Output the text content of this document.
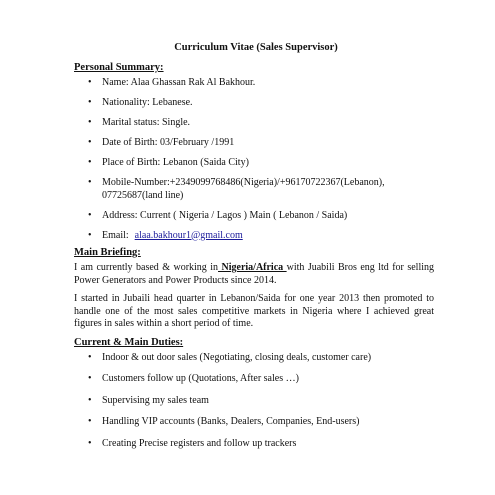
Curriculum Vitae (Sales Supervisor)
Personal Summary:
• Name: Alaa Ghassan Rak Al Bakhour.
• Nationality: Lebanese.
• Marital status: Single.
• Date of Birth: 03/February /1991
• Place of Birth: Lebanon (Saida City)
• Mobile-Number:+2349099768486(Nigeria)/+96170722367(Lebanon), 07725687(land line)
• Address: Current ( Nigeria / Lagos ) Main ( Lebanon / Saida)
• Email: alaa.bakhour1@gmail.com
Main Briefing:

I am currently based & working in Nigeria/Africa with Juabili Bros eng ltd for selling Power Generators and Power Products since 2014.

I started in Jubaili head quarter in Lebanon/Saida for one year 2013 then promoted to handle one of the most sales competitive markets in Nigeria where I achieved great figures in sales within a short period of time.

Current & Main Duties:
• Indoor & out door sales (Negotiating, closing deals, customer care)
• Customers follow up (Quotations, After sales …)
• Supervising my sales team
• Handling VIP accounts (Banks, Dealers, Companies, End-users)
• Creating Precise registers and follow up trackers
